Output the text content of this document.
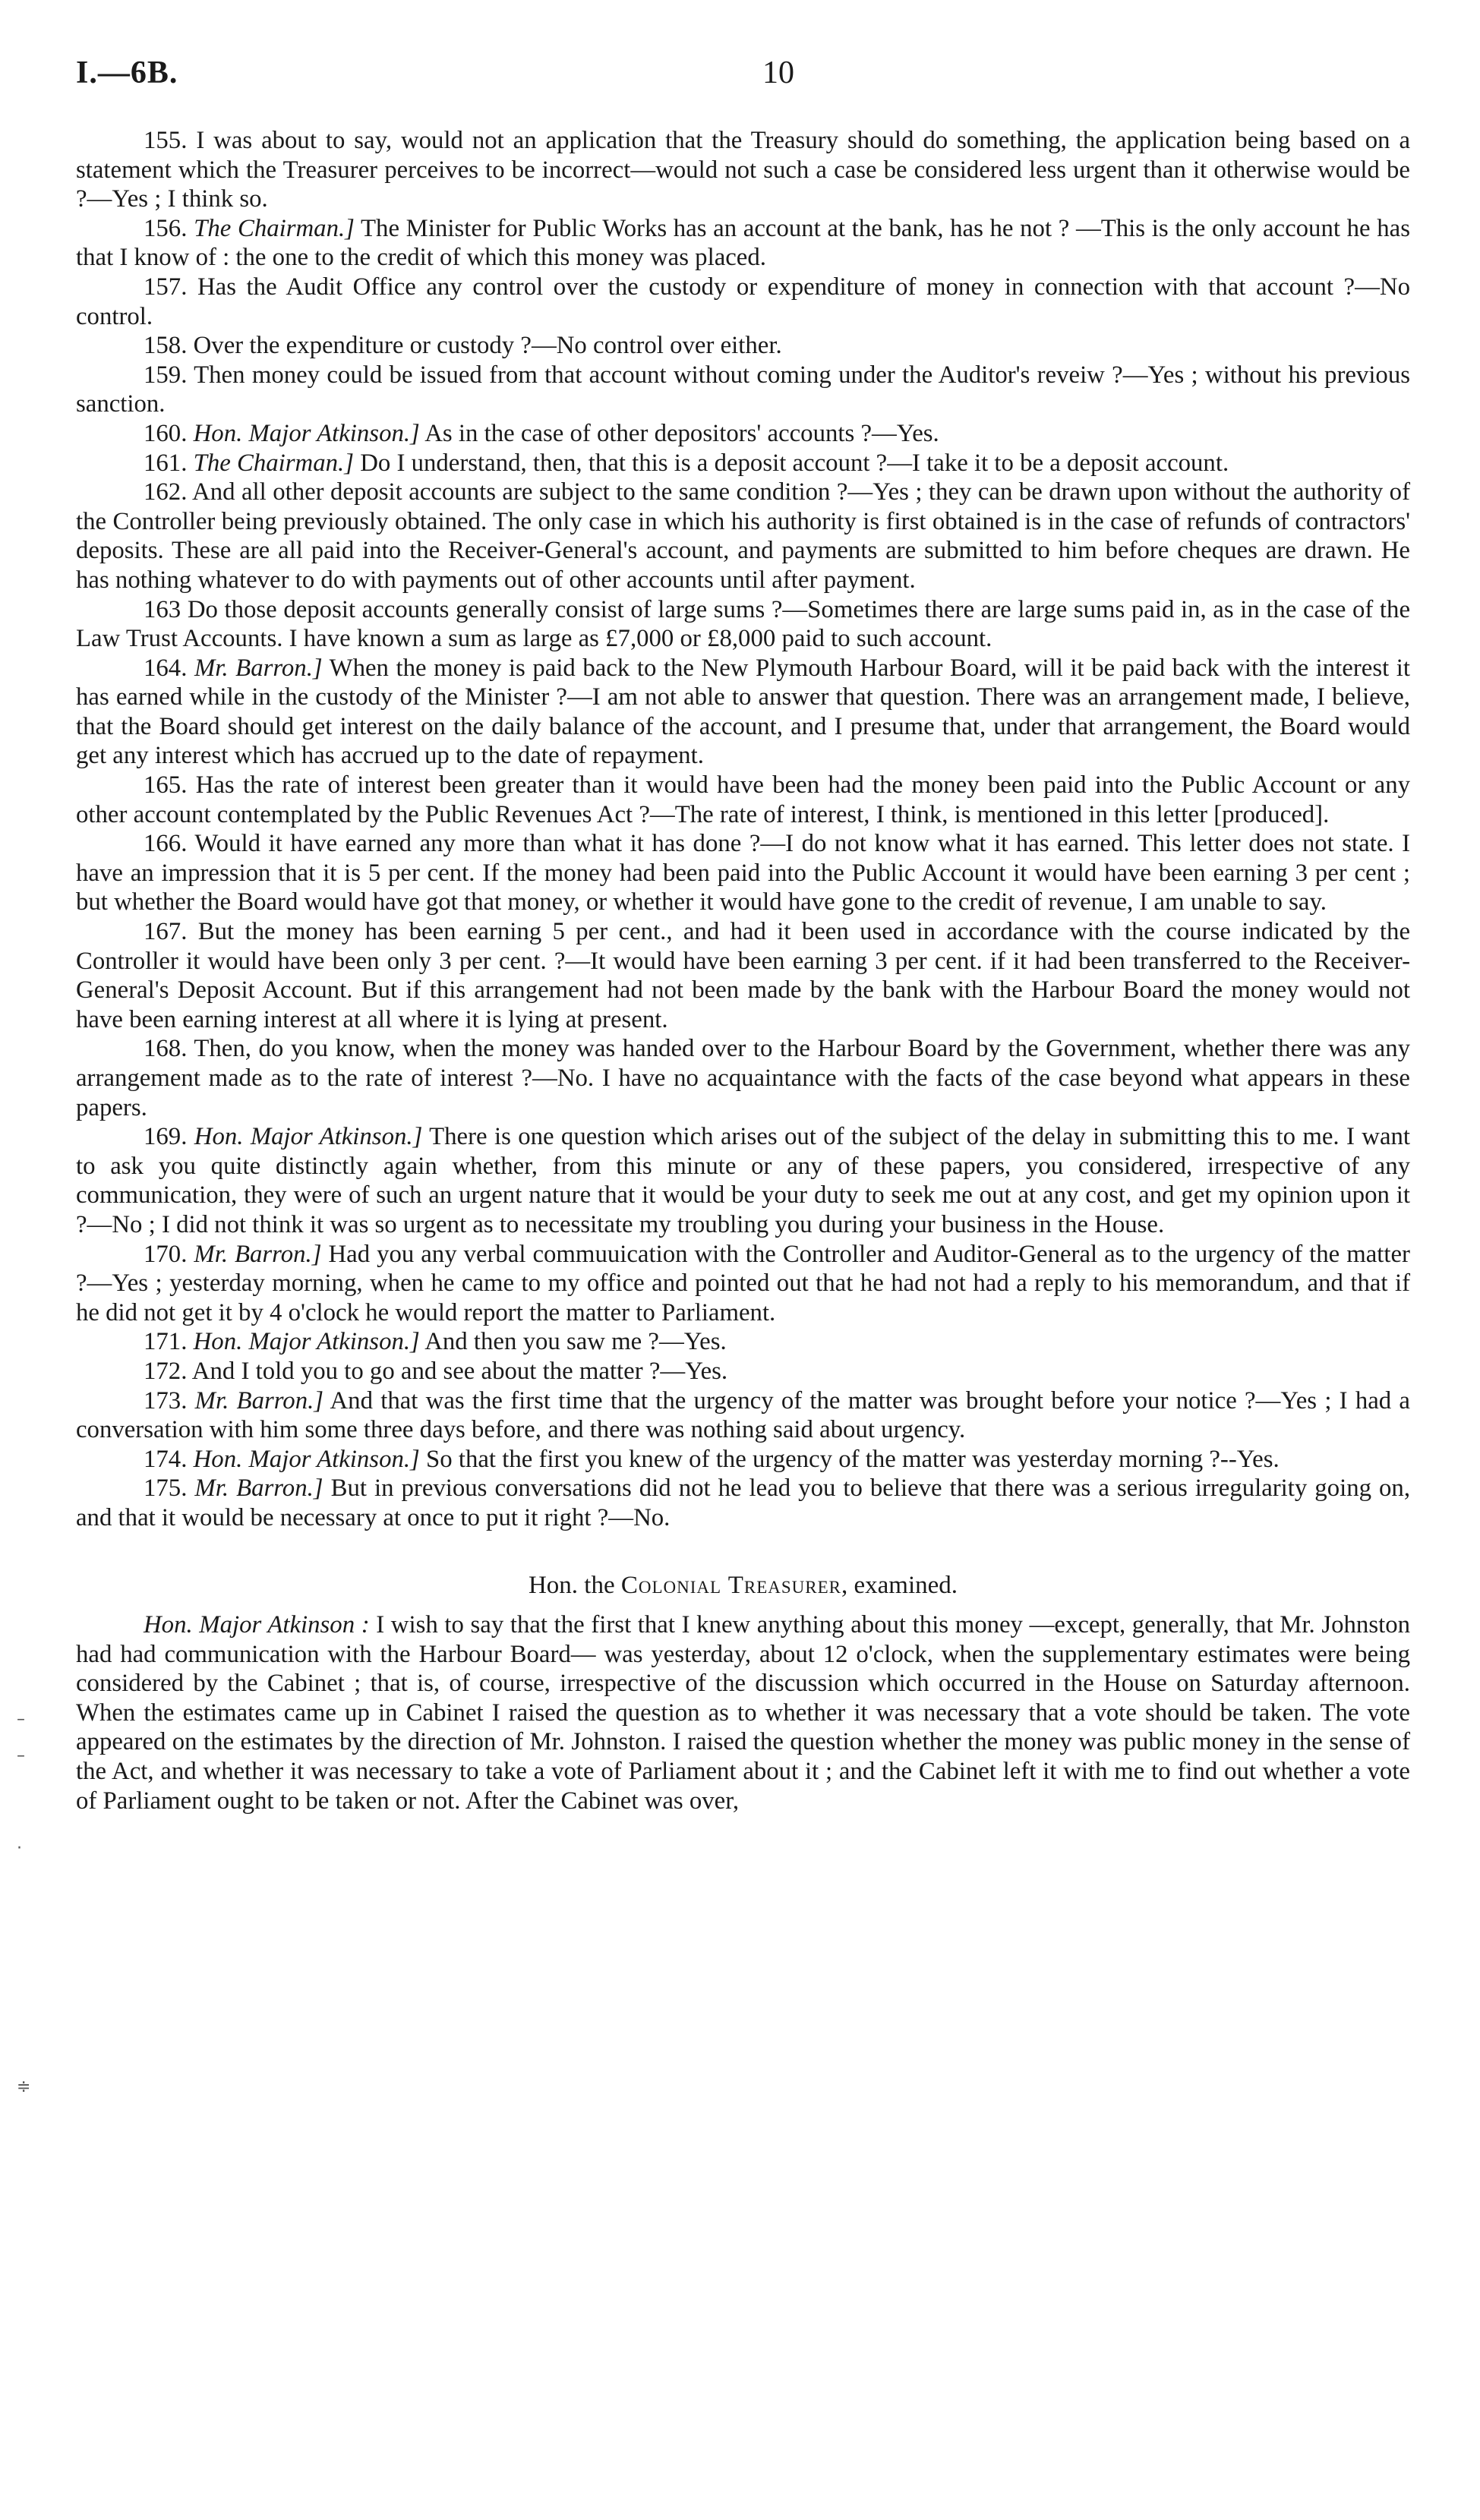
I.—6B.	10
–
–
·
≑

155. I was about to say, would not an application that the Treasury should do something, the application being based on a statement which the Treasurer perceives to be incorrect—would not such a case be considered less urgent than it otherwise would be ?—Yes ; I think so.

156. The Chairman.] The Minister for Public Works has an account at the bank, has he not ? —This is the only account he has that I know of : the one to the credit of which this money was placed.

157. Has the Audit Office any control over the custody or expenditure of money in connection with that account ?—No control.

158. Over the expenditure or custody ?—No control over either.

159. Then money could be issued from that account without coming under the Auditor's reveiw ?—Yes ; without his previous sanction.

160. Hon. Major Atkinson.] As in the case of other depositors' accounts ?—Yes.

161. The Chairman.] Do I understand, then, that this is a deposit account ?—I take it to be a deposit account.

162. And all other deposit accounts are subject to the same condition ?—Yes ; they can be drawn upon without the authority of the Controller being previously obtained. The only case in which his authority is first obtained is in the case of refunds of contractors' deposits. These are all paid into the Receiver-General's account, and payments are submitted to him before cheques are drawn. He has nothing whatever to do with payments out of other accounts until after payment.

163 Do those deposit accounts generally consist of large sums ?—Sometimes there are large sums paid in, as in the case of the Law Trust Accounts. I have known a sum as large as £7,000 or £8,000 paid to such account.

164. Mr. Barron.] When the money is paid back to the New Plymouth Harbour Board, will it be paid back with the interest it has earned while in the custody of the Minister ?—I am not able to answer that question. There was an arrangement made, I believe, that the Board should get interest on the daily balance of the account, and I presume that, under that arrangement, the Board would get any interest which has accrued up to the date of repayment.

165. Has the rate of interest been greater than it would have been had the money been paid into the Public Account or any other account contemplated by the Public Revenues Act ?—The rate of interest, I think, is mentioned in this letter [produced].

166. Would it have earned any more than what it has done ?—I do not know what it has earned. This letter does not state. I have an impression that it is 5 per cent. If the money had been paid into the Public Account it would have been earning 3 per cent ; but whether the Board would have got that money, or whether it would have gone to the credit of revenue, I am unable to say.

167. But the money has been earning 5 per cent., and had it been used in accordance with the course indicated by the Controller it would have been only 3 per cent. ?—It would have been earning 3 per cent. if it had been transferred to the Receiver-General's Deposit Account. But if this arrangement had not been made by the bank with the Harbour Board the money would not have been earning interest at all where it is lying at present.

168. Then, do you know, when the money was handed over to the Harbour Board by the Government, whether there was any arrangement made as to the rate of interest ?—No. I have no acquaintance with the facts of the case beyond what appears in these papers.

169. Hon. Major Atkinson.] There is one question which arises out of the subject of the delay in submitting this to me. I want to ask you quite distinctly again whether, from this minute or any of these papers, you considered, irrespective of any communication, they were of such an urgent nature that it would be your duty to seek me out at any cost, and get my opinion upon it ?—No ; I did not think it was so urgent as to necessitate my troubling you during your business in the House.

170. Mr. Barron.] Had you any verbal commuuication with the Controller and Auditor-General as to the urgency of the matter ?—Yes ; yesterday morning, when he came to my office and pointed out that he had not had a reply to his memorandum, and that if he did not get it by 4 o'clock he would report the matter to Parliament.

171. Hon. Major Atkinson.] And then you saw me ?—Yes.

172. And I told you to go and see about the matter ?—Yes.

173. Mr. Barron.] And that was the first time that the urgency of the matter was brought before your notice ?—Yes ; I had a conversation with him some three days before, and there was nothing said about urgency.

174. Hon. Major Atkinson.] So that the first you knew of the urgency of the matter was yesterday morning ?--Yes.

175. Mr. Barron.] But in previous conversations did not he lead you to believe that there was a serious irregularity going on, and that it would be necessary at once to put it right ?—No.

Hon. the Colonial Treasurer, examined.

Hon. Major Atkinson : I wish to say that the first that I knew anything about this money —except, generally, that Mr. Johnston had had communication with the Harbour Board— was yesterday, about 12 o'clock, when the supplementary estimates were being considered by the Cabinet ; that is, of course, irrespective of the discussion which occurred in the House on Saturday afternoon. When the estimates came up in Cabinet I raised the question as to whether it was necessary that a vote should be taken. The vote appeared on the estimates by the direction of Mr. Johnston. I raised the question whether the money was public money in the sense of the Act, and whether it was necessary to take a vote of Parliament about it ; and the Cabinet left it with me to find out whether a vote of Parliament ought to be taken or not. After the Cabinet was over,
